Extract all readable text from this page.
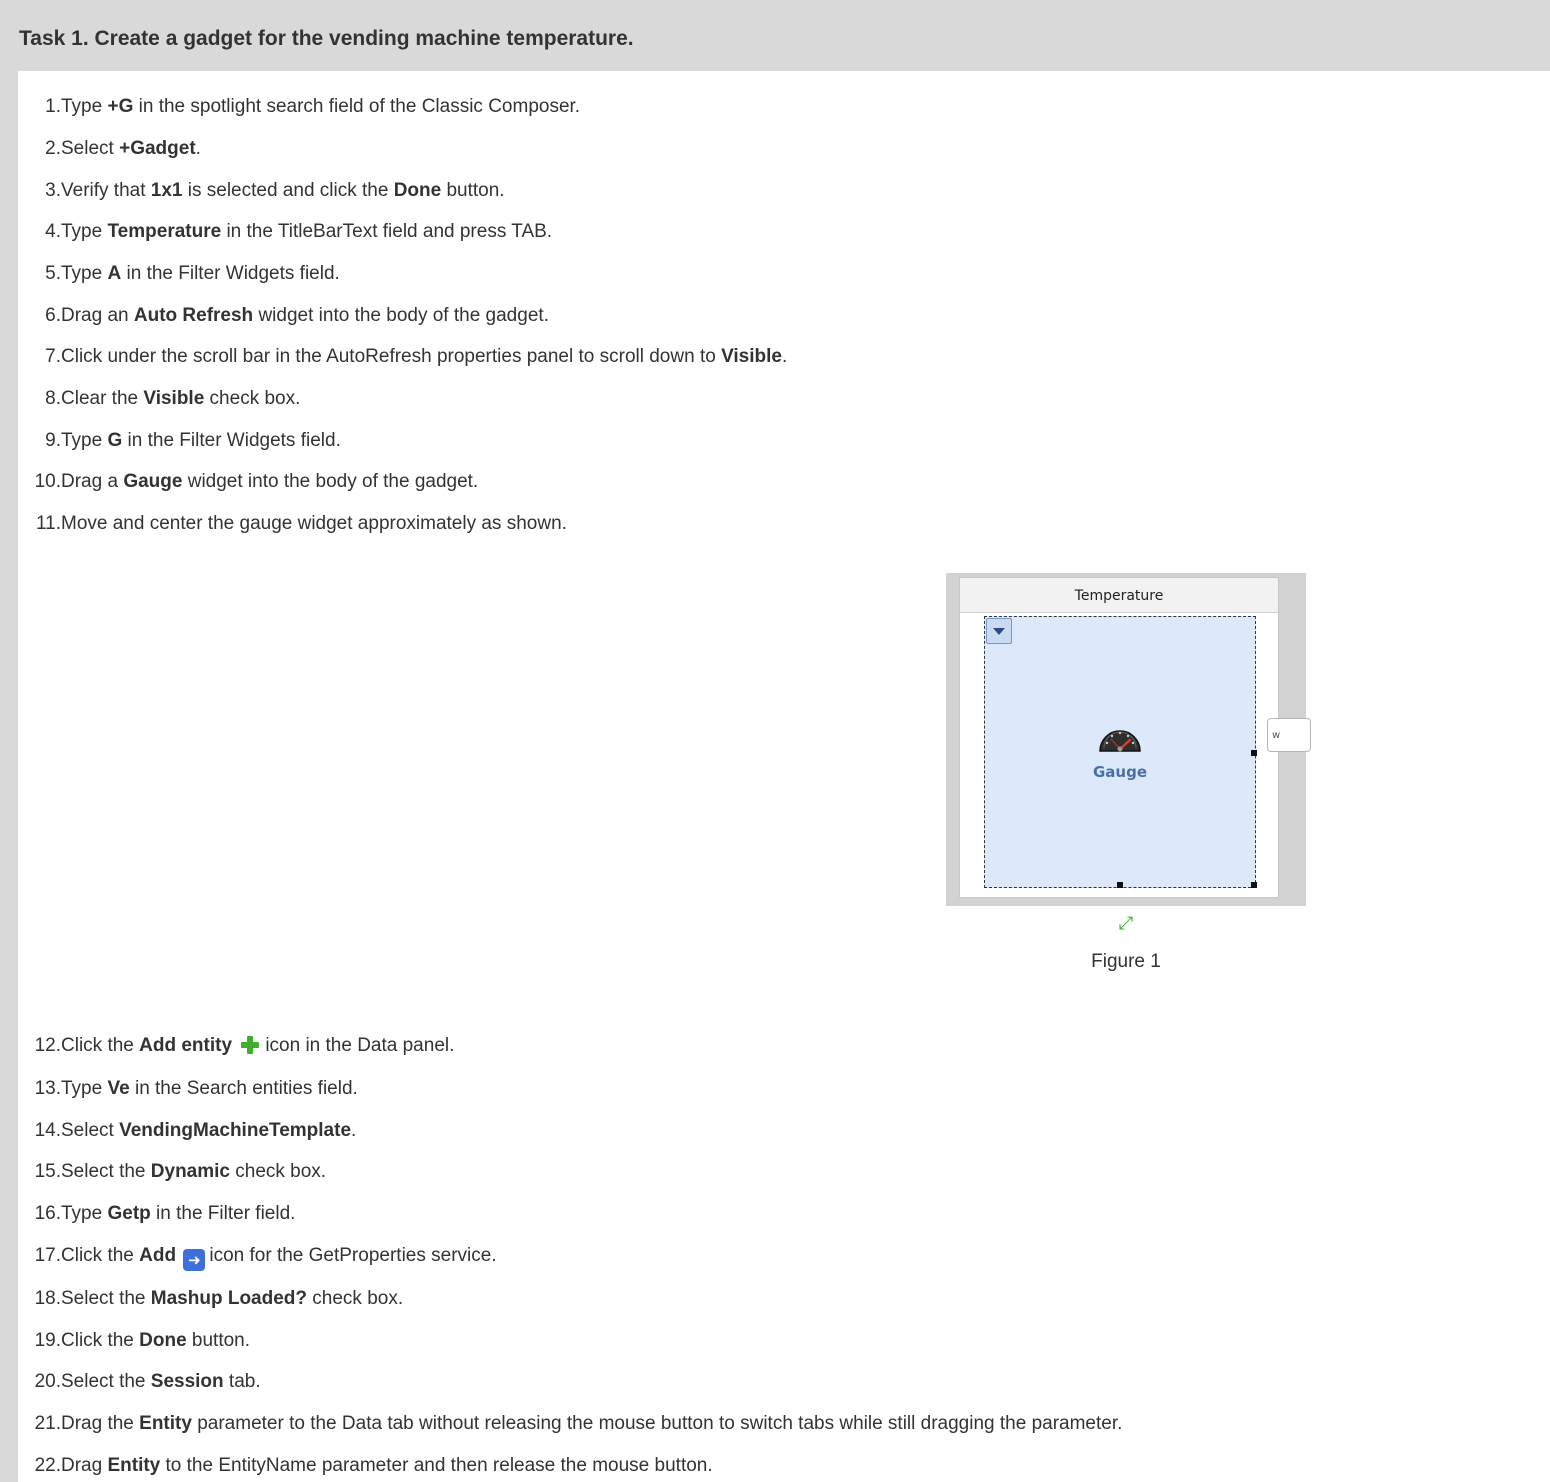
Task 1. Create a gadget for the vending machine temperature.
1.Type +G in the spotlight search field of the Classic Composer.
2.Select +Gadget.
3.Verify that 1x1 is selected and click the Done button.
4.Type Temperature in the TitleBarText field and press TAB.
5.Type A in the Filter Widgets field.
6.Drag an Auto Refresh widget into the body of the gadget.
7.Click under the scroll bar in the AutoRefresh properties panel to scroll down to Visible.
8.Clear the Visible check box.
9.Type G in the Filter Widgets field.
10.Drag a Gauge widget into the body of the gadget.
11.Move and center the gauge widget approximately as shown.
12.Click the Add entity icon in the Data panel.
13.Type Ve in the Search entities field.
14.Select VendingMachineTemplate.
15.Select the Dynamic check box.
16.Type Getp in the Filter field.
17.Click the Add ➜ icon for the GetProperties service.
18.Select the Mashup Loaded? check box.
19.Click the Done button.
20.Select the Session tab.
21.Drag the Entity parameter to the Data tab without releasing the mouse button to switch tabs while still dragging the parameter.
22.Drag Entity to the EntityName parameter and then release the mouse button.
Temperature
Gauge
w
⤢
Figure 1
